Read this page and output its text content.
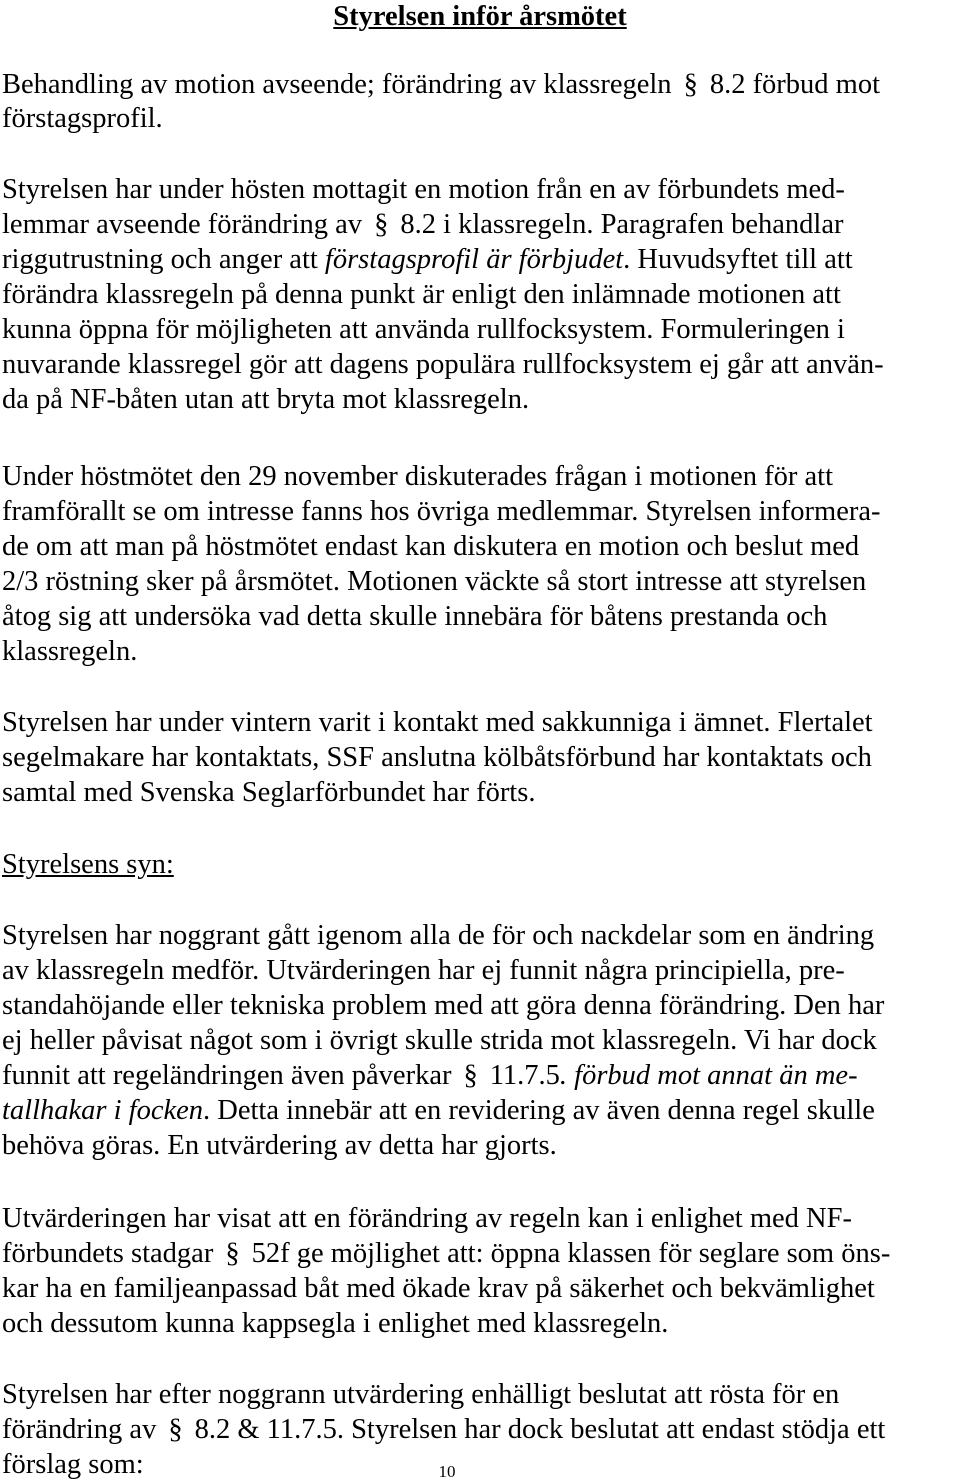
Styrelsen inför årsmötet
Behandling av motion avseende; förändring av klassregeln § 8.2 förbud mot
förstagsprofil.
Styrelsen har under hösten mottagit en motion från en av förbundets med-
lemmar avseende förändring av § 8.2 i klassregeln. Paragrafen behandlar
riggutrustning och anger att förstagsprofil är förbjudet. Huvudsyftet till att
förändra klassregeln på denna punkt är enligt den inlämnade motionen att
kunna öppna för möjligheten att använda rullfocksystem. Formuleringen i
nuvarande klassregel gör att dagens populära rullfocksystem ej går att använ-
da på NF-båten utan att bryta mot klassregeln.
Under höstmötet den 29 november diskuterades frågan i motionen för att
framförallt se om intresse fanns hos övriga medlemmar. Styrelsen informera-
de om att man på höstmötet endast kan diskutera en motion och beslut med
2/3 röstning sker på årsmötet. Motionen väckte så stort intresse att styrelsen
åtog sig att undersöka vad detta skulle innebära för båtens prestanda och
klassregeln.
Styrelsen har under vintern varit i kontakt med sakkunniga i ämnet. Flertalet
segelmakare har kontaktats, SSF anslutna kölbåtsförbund har kontaktats och
samtal med Svenska Seglarförbundet har förts.
Styrelsens syn:
Styrelsen har noggrant gått igenom alla de för och nackdelar som en ändring
av klassregeln medför. Utvärderingen har ej funnit några principiella, pre-
standahöjande eller tekniska problem med att göra denna förändring. Den har
ej heller påvisat något som i övrigt skulle strida mot klassregeln. Vi har dock
funnit att regeländringen även påverkar § 11.7.5. förbud mot annat än me-
tallhakar i focken. Detta innebär att en revidering av även denna regel skulle
behöva göras. En utvärdering av detta har gjorts.
Utvärderingen har visat att en förändring av regeln kan i enlighet med NF-
förbundets stadgar § 52f ge möjlighet att: öppna klassen för seglare som öns-
kar ha en familjeanpassad båt med ökade krav på säkerhet och bekvämlighet
och dessutom kunna kappsegla i enlighet med klassregeln.
Styrelsen har efter noggrann utvärdering enhälligt beslutat att rösta för en
förändring av § 8.2 & 11.7.5. Styrelsen har dock beslutat att endast stödja ett
förslag som:	10
